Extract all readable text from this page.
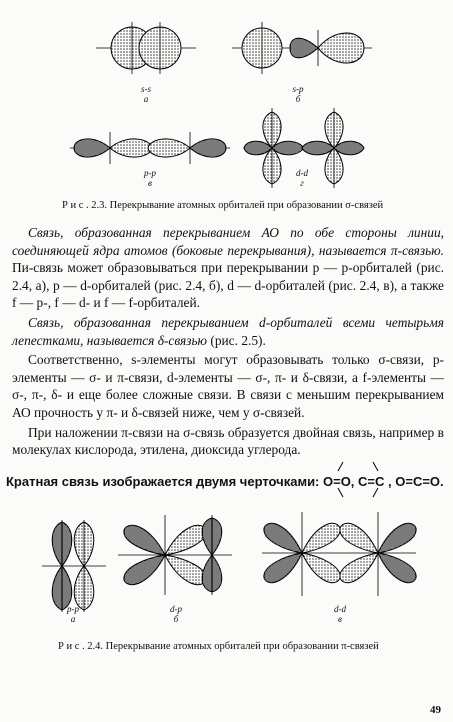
s-s
а
s-p
б
p-p
в
d-d
г
Р и с . 2.3. Перекрывание атомных орбиталей при образовании σ-связей

Связь, образованная перекрыванием АО по обе стороны линии, соединяющей ядра атомов (боковые перекрывания), называется π-связью. Пи-связь может образовываться при перекрывании p — p-орбиталей (рис. 2.4, а), p — d-орбиталей (рис. 2.4, б), d — d-орбиталей (рис. 2.4, в), а также f — p-, f — d- и f — f-орбиталей.

Связь, образованная перекрыванием d-орбиталей всеми четырьмя лепестками, называется δ-связью (рис. 2.5).

Соответственно, s-элементы могут образовывать только σ-связи, p-элементы — σ- и π-связи, d-элементы — σ-, π- и δ-связи, а f-элементы — σ-, π-, δ- и еще более сложные связи. В связи с меньшим перекрыванием АО прочность у π- и δ-связей ниже, чем у σ-связей.

При наложении π-связи на σ-связь образуется двойная связь, например в молекулах кислорода, этилена, диоксида углерода.

Кратная связь изображается двумя черточками: O=O, C=C , O=C=O.
p-p
а
d-p
б
d-d
в
Р и с . 2.4. Перекрывание атомных орбиталей при образовании π-связей
49
